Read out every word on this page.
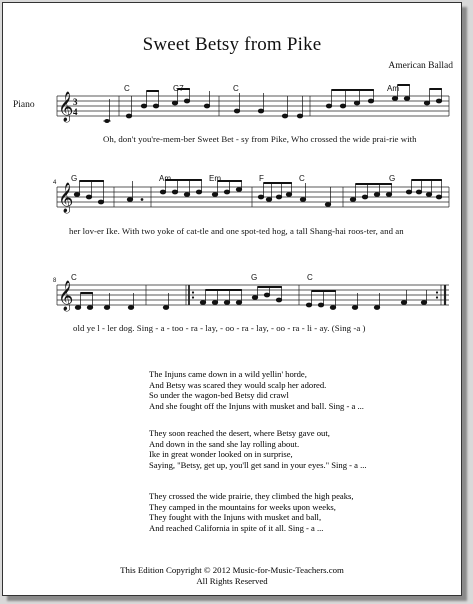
Sweet Betsy from Pike
American Ballad
Piano 𝄞 3
4
𝄞
𝄞
C	G7	C	Am
Oh, don't you're-mem-ber Sweet Bet - sy from Pike, Who crossed the wide prai-rie with
4 G	Am	Em	F	C	G
her lov-er Ike. With two yoke of cat-tle and one spot-ted hog, a tall Shang-hai roos-ter, and an
8 C	G	C
old ye l - ler dog. Sing - a - too - ra - lay, - oo - ra - lay, - oo - ra - li - ay. (Sing -a )
The Injuns came down in a wild yellin' horde,
And Betsy was scared they would scalp her adored.
So under the wagon-bed Betsy did crawl
And she fought off the Injuns with musket and ball. Sing - a ...
They soon reached the desert, where Betsy gave out,
And down in the sand she lay rolling about.
Ike in great wonder looked on in surprise,
Saying, "Betsy, get up, you'll get sand in your eyes." Sing - a ...
They crossed the wide prairie, they climbed the high peaks,
They camped in the mountains for weeks upon weeks,
They fought with the Injuns with musket and ball,
And reached California in spite of it all. Sing - a ...
This Edition Copyright © 2012 Music-for-Music-Teachers.com
All Rights Reserved
